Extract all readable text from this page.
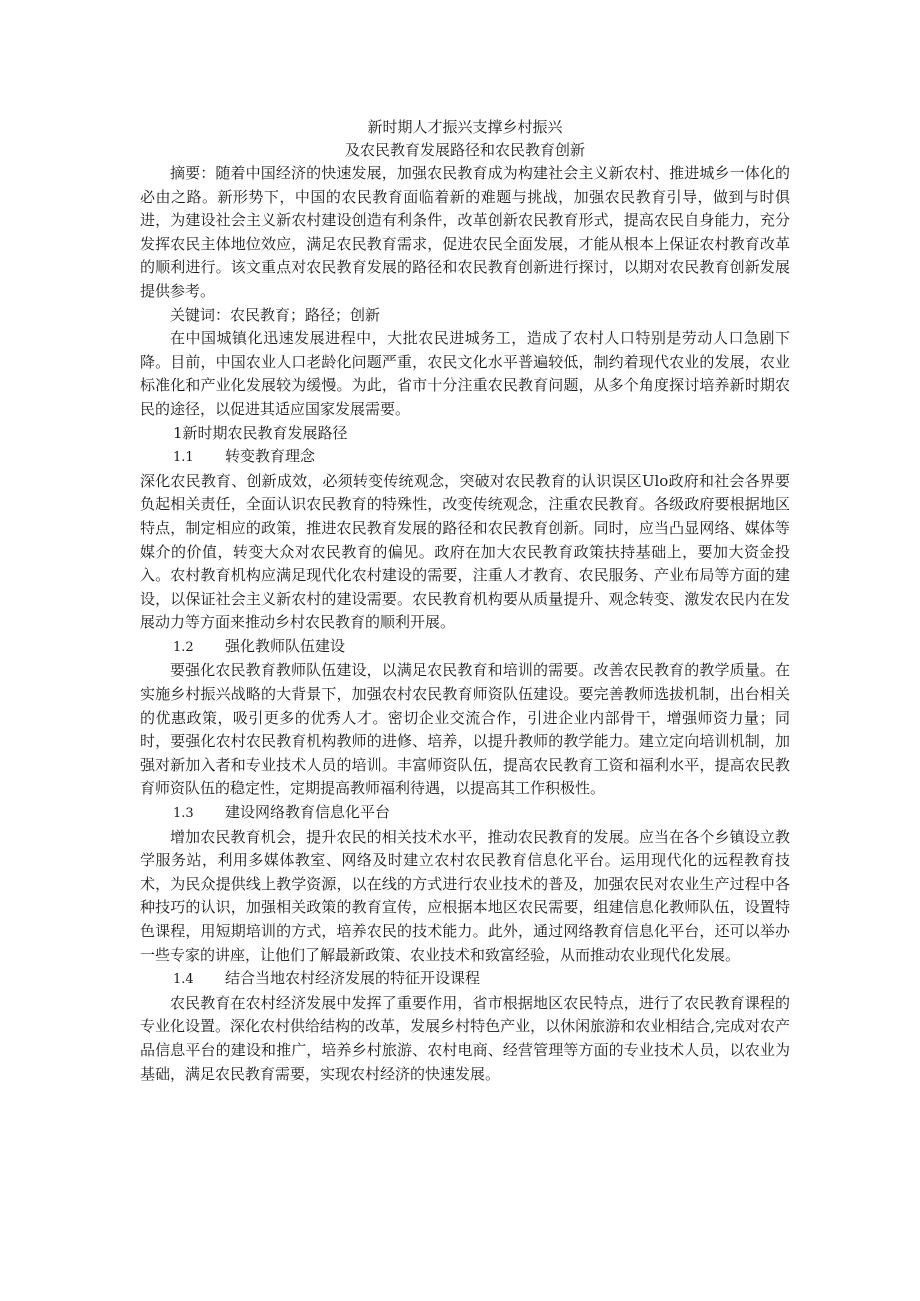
新时期人才振兴支撑乡村振兴
及农民教育发展路径和农民教育创新

摘要：随着中国经济的快速发展，加强农民教育成为构建社会主义新农村、推进城乡一体化的必由之路。新形势下，中国的农民教育面临着新的难题与挑战，加强农民教育引导，做到与时俱进，为建设社会主义新农村建设创造有利条件，改革创新农民教育形式，提高农民自身能力，充分发挥农民主体地位效应，满足农民教育需求，促进农民全面发展，才能从根本上保证农村教育改革的顺利进行。该文重点对农民教育发展的路径和农民教育创新进行探讨，以期对农民教育创新发展提供参考。

关键词：农民教育；路径；创新

在中国城镇化迅速发展进程中，大批农民进城务工，造成了农村人口特别是劳动人口急剧下降。目前，中国农业人口老龄化问题严重，农民文化水平普遍较低，制约着现代农业的发展，农业标准化和产业化发展较为缓慢。为此，省市十分注重农民教育问题，从多个角度探讨培养新时期农民的途径，以促进其适应国家发展需要。

1新时期农民教育发展路径
1.1 转变教育理念

深化农民教育、创新成效，必须转变传统观念，突破对农民教育的认识误区Ulo政府和社会各界要负起相关责任，全面认识农民教育的特殊性，改变传统观念，注重农民教育。各级政府要根据地区特点，制定相应的政策，推进农民教育发展的路径和农民教育创新。同时，应当凸显网络、媒体等媒介的价值，转变大众对农民教育的偏见。政府在加大农民教育政策扶持基础上，要加大资金投入。农村教育机构应满足现代化农村建设的需要，注重人才教育、农民服务、产业布局等方面的建设，以保证社会主义新农村的建设需要。农民教育机构要从质量提升、观念转变、激发农民内在发展动力等方面来推动乡村农民教育的顺利开展。

1.2 强化教师队伍建设

要强化农民教育教师队伍建设，以满足农民教育和培训的需要。改善农民教育的教学质量。在实施乡村振兴战略的大背景下，加强农村农民教育师资队伍建设。要完善教师选拔机制，出台相关的优惠政策，吸引更多的优秀人才。密切企业交流合作，引进企业内部骨干，增强师资力量；同时，要强化农村农民教育机构教师的进修、培养，以提升教师的教学能力。建立定向培训机制，加强对新加入者和专业技术人员的培训。丰富师资队伍，提高农民教育工资和福利水平，提高农民教育师资队伍的稳定性，定期提高教师福利待遇，以提高其工作积极性。

1.3 建设网络教育信息化平台

增加农民教育机会，提升农民的相关技术水平，推动农民教育的发展。应当在各个乡镇设立教学服务站，利用多媒体教室、网络及时建立农村农民教育信息化平台。运用现代化的远程教育技术，为民众提供线上教学资源，以在线的方式进行农业技术的普及，加强农民对农业生产过程中各种技巧的认识，加强相关政策的教育宣传，应根据本地区农民需要，组建信息化教师队伍，设置特色课程，用短期培训的方式，培养农民的技术能力。此外，通过网络教育信息化平台，还可以举办一些专家的讲座，让他们了解最新政策、农业技术和致富经验，从而推动农业现代化发展。

1.4 结合当地农村经济发展的特征开设课程

农民教育在农村经济发展中发挥了重要作用，省市根据地区农民特点，进行了农民教育课程的专业化设置。深化农村供给结构的改革，发展乡村特色产业，以休闲旅游和农业相结合,完成对农产品信息平台的建设和推广，培养乡村旅游、农村电商、经营管理等方面的专业技术人员，以农业为基础，满足农民教育需要，实现农村经济的快速发展。
